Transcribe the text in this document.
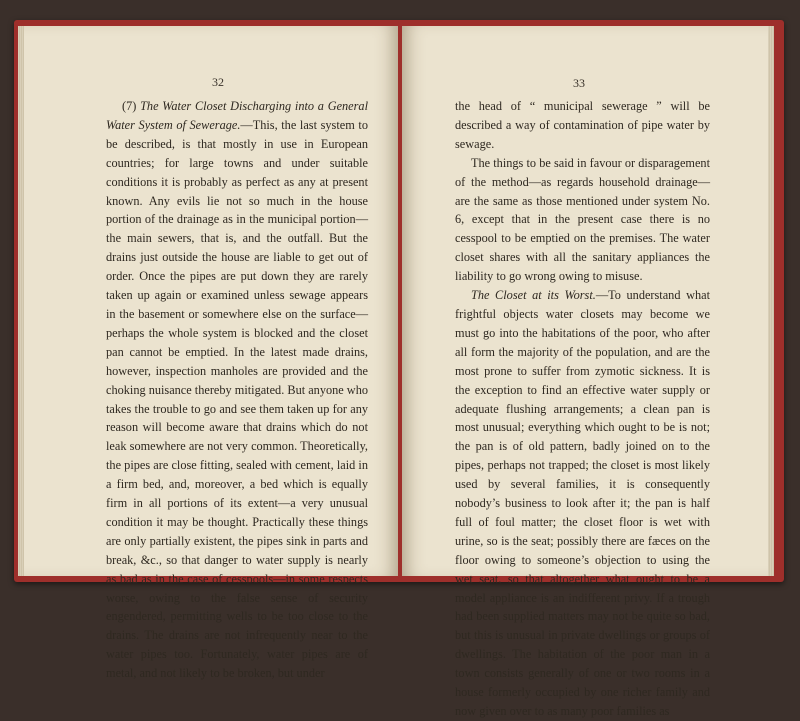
32

(7) The Water Closet Discharging into a General Water System of Sewerage.—This, the last system to be described, is that mostly in use in European countries; for large towns and under suitable conditions it is probably as perfect as any at present known. Any evils lie not so much in the house portion of the drainage as in the municipal portion—the main sewers, that is, and the outfall. But the drains just outside the house are liable to get out of order. Once the pipes are put down they are rarely taken up again or examined unless sewage appears in the basement or somewhere else on the surface—perhaps the whole system is blocked and the closet pan cannot be emptied. In the latest made drains, however, inspection manholes are provided and the choking nuisance thereby mitigated. But anyone who takes the trouble to go and see them taken up for any reason will become aware that drains which do not leak somewhere are not very common. Theoretically, the pipes are close fitting, sealed with cement, laid in a firm bed, and, moreover, a bed which is equally firm in all portions of its extent—a very unusual condition it may be thought. Practically these things are only partially existent, the pipes sink in parts and break, &c., so that danger to water supply is nearly as bad as in the case of cesspools—in some respects worse, owing to the false sense of security engendered, permitting wells to be too close to the drains. The drains are not infrequently near to the water pipes too. Fortunately, water pipes are of metal, and not likely to be broken, but under

33

the head of “ municipal sewerage ” will be described a way of contamination of pipe water by sewage.

The things to be said in favour or disparagement of the method—as regards household drainage—are the same as those mentioned under system No. 6, except that in the present case there is no cesspool to be emptied on the premises. The water closet shares with all the sanitary appliances the liability to go wrong owing to misuse.

The Closet at its Worst.—To understand what frightful objects water closets may become we must go into the habitations of the poor, who after all form the majority of the population, and are the most prone to suffer from zymotic sickness. It is the exception to find an effective water supply or adequate flushing arrangements; a clean pan is most unusual; everything which ought to be is not; the pan is of old pattern, badly joined on to the pipes, perhaps not trapped; the closet is most likely used by several families, it is consequently nobody’s business to look after it; the pan is half full of foul matter; the closet floor is wet with urine, so is the seat; possibly there are fæces on the floor owing to someone’s objection to using the wet seat, so that altogether what ought to be a model appliance is an indifferent privy. If a trough had been supplied matters may not be quite so bad, but this is unusual in private dwellings or groups of dwellings. The habitation of the poor man in a town consists generally of one or two rooms in a house formerly occupied by one richer family and now given over to as many poor families as
